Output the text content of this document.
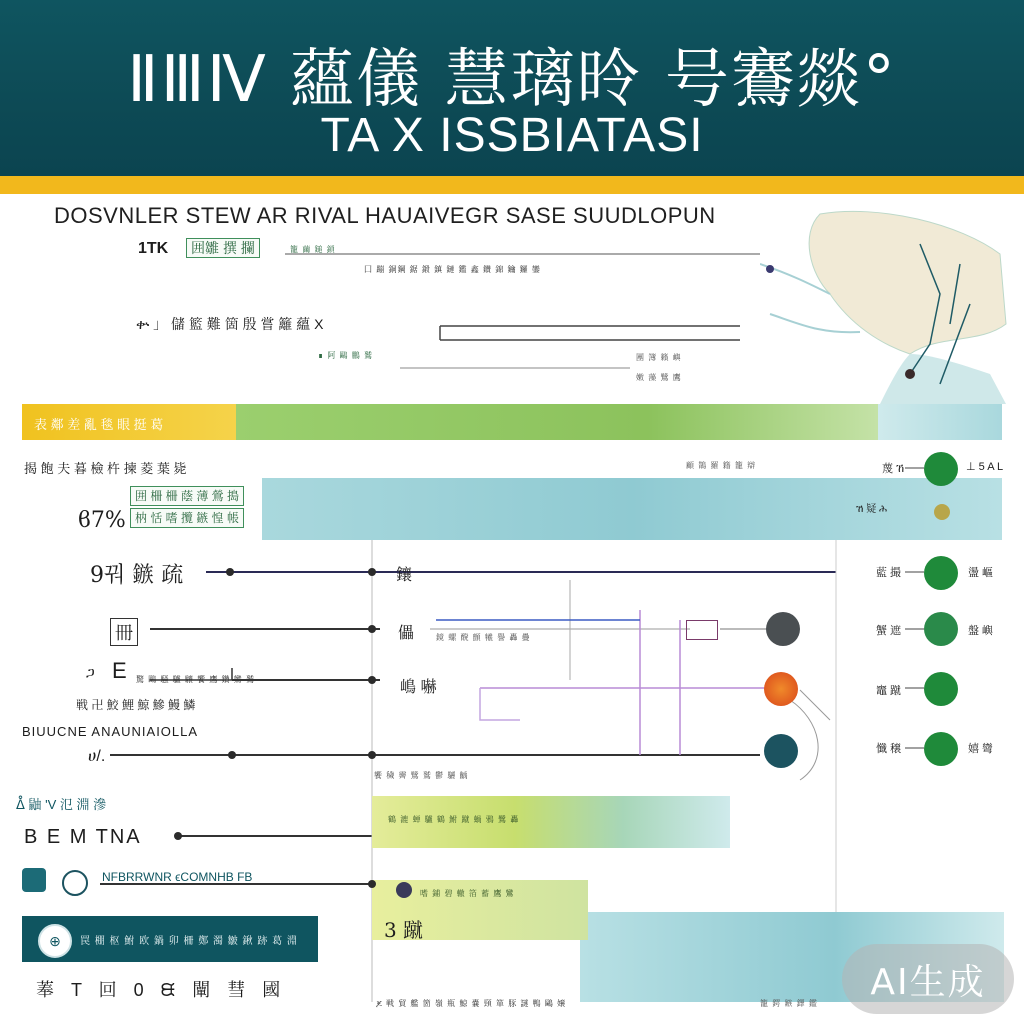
ⅡⅢⅣ 蘊儀 慧璃昤 号鶱燚°
TA X ISSBIATASI
DOSVNLER STEW AR RIVAL HAUAIVEGR SASE SUUDLOPUN
1TK	囲雛 撰 攔	籠 繭 鎚 鎖
囗 蹦 銅鋼 鋸 鍛 鎮 鏈 鑑 鑫 鑽 錦 鑰 鑼 鑾
ቍ 」 儲 籃 難 箇 殷 嘗 籬 蘊 X
∎ 阿 鷗 鵬 鷲	團 簿 籟 嶼
嫩 藻 鷺 鷹
表 鄰 差 亂 毯 眼 挺 葛
揭 飽 夫 暮 檢 杵 揀 菱 葉 毙	顧 鵲 羅 籍 籠 辯
囲 柵 柵 蔭 薄 鶯 搗
枘 恬 嗜 攬 鏃 惶 帳
ϐ7%
9꿔 鏃 疏	鑲
冊	儡	鏡 螺 醗 顫 犧 譽 轟 疊
ጋ E 驚 鷗 騒 驢 驤 饗 鷹 鑽 鸞 鷲
戦 卍 鮫 鯉 鯨 鰺 鰻 鱗
嶋 嚇
BIUUCNE ANAUNIAIOLLA
ሀ/.
饗 穢 霽 鷺 鷲 鬱 驪 齲
ᐂ 鼬 'V 氾 淵 滲
B E M TNA
NFBRRWNR ϵCOMNHB FB
鶴 漉 蝉 驢 鶴 鮒 蹴 蝸 鴉 鷺 轟
嗜 鋪 碧 轍 箔 蓄 鷹 鸞
3 蹴
⊕	罠 棚 枢 鮒 欧 鍋 卯 柵 鄭 濁 皺 鍬 跡 葛 淵
菶 T 回 0 ᙙ 闡 彗 國
ጆ 戦 貿 艦 箇 嶺 瓶 鯨 嚢 頸 箪 豚 謎 鴨 鷗 嬢	籠 鍔 鏃 鐸 鑑
蔑 ኸ	⊥ 5 A L
ኸ 疑 ሕ
藍 撮	盪 嶇
蟹 遮	盤 嶼
竈 蹴
懺 穣	嬉 彎
AI生成
